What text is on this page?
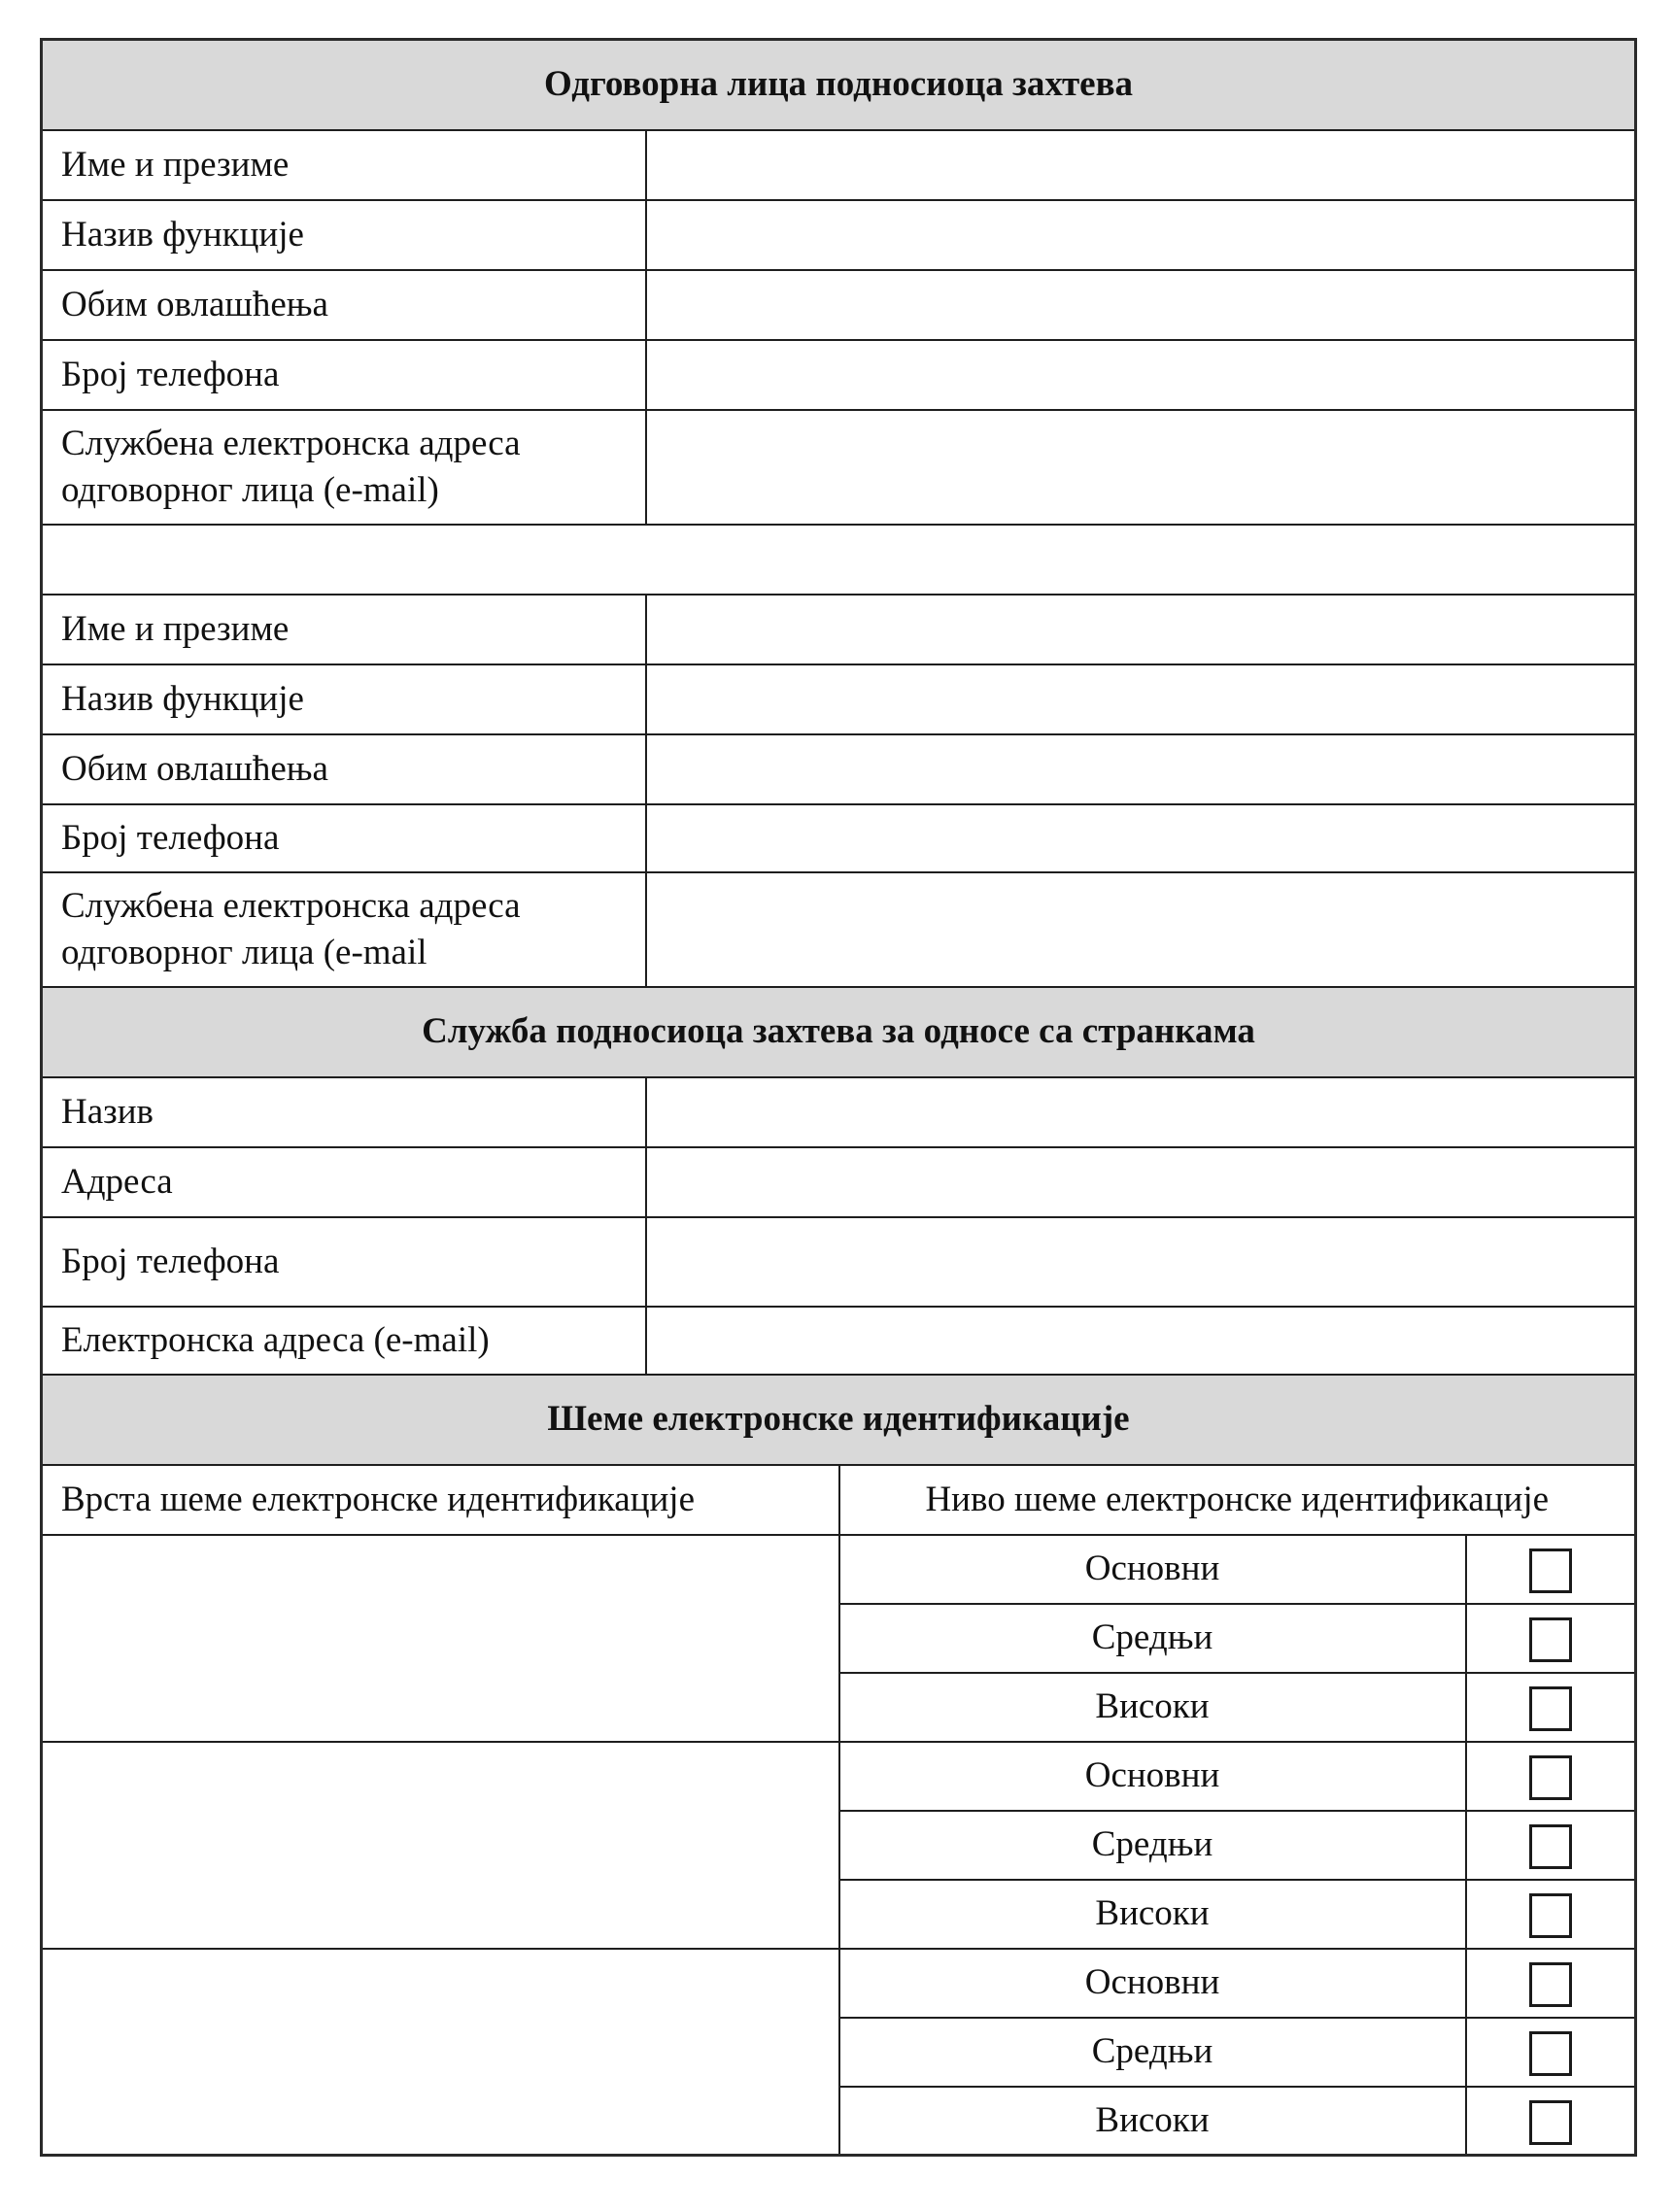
Одговорна лица подносиоца захтева			
Име и презиме			
Назив функције			
Обим овлашћења			
Број телефона			

Службена електронска адреса
одговорног лица (e-mail)			

Име и презиме			
Назив функције			
Обим овлашћења			
Број телефона			

Службена електронска адреса
одговорног лица (e-mail			

Служба подносиоца захтева за односе са странкама			
Назив			
Адреса			
Број телефона			
Електронска адреса (e-mail)			
Шеме електронске идентификације			
Врста шеме електронске идентификације		Ниво шеме електронске идентификације	
		Основни	
		Средњи	
		Високи	
		Основни	
		Средњи	
		Високи	
		Основни	
		Средњи	
		Високи	
